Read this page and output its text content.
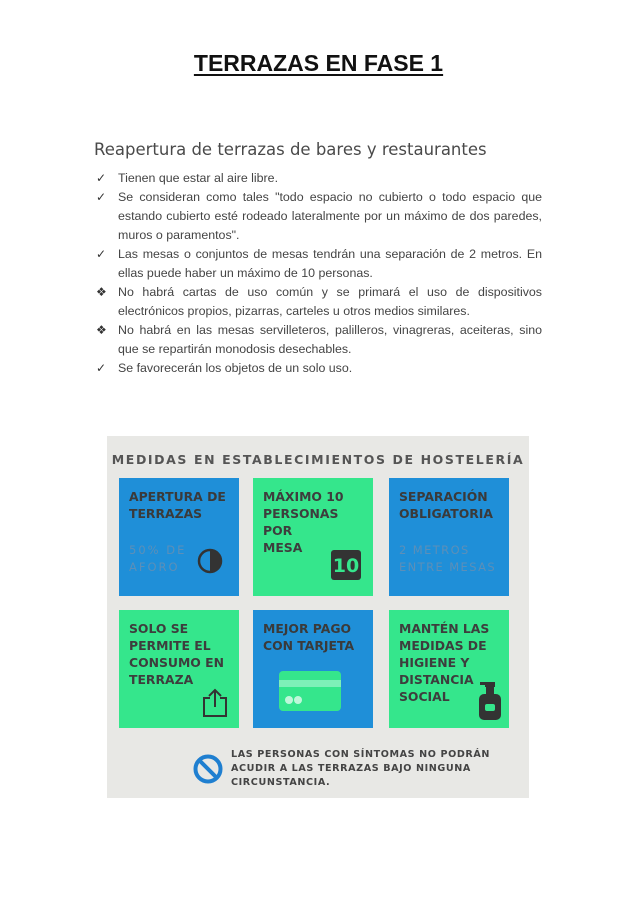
TERRAZAS EN FASE 1
Reapertura de terrazas de bares y restaurantes
✓ Tienen que estar al aire libre.
✓ Se consideran como tales "todo espacio no cubierto o todo espacio que estando cubierto esté rodeado lateralmente por un máximo de dos paredes, muros o paramentos".
✓ Las mesas o conjuntos de mesas tendrán una separación de 2 metros. En ellas puede haber un máximo de 10 personas.
❖ No habrá cartas de uso común y se primará el uso de dispositivos electrónicos propios, pizarras, carteles u otros medios similares.
❖ No habrá en las mesas servilleteros, palilleros, vinagreras, aceiteras, sino que se repartirán monodosis desechables.
✓ Se favorecerán los objetos de un solo uso.
MEDIDAS EN ESTABLECIMIENTOS DE HOSTELERÍA
APERTURA DE
TERRAZAS
50% DE
AFORO
MÁXIMO 10
PERSONAS
POR
MESA
10
SEPARACIÓN
OBLIGATORIA
2 METROS
ENTRE MESAS
SOLO SE
PERMITE EL
CONSUMO EN
TERRAZA
MEJOR PAGO
CON TARJETA
MANTÉN LAS
MEDIDAS DE
HIGIENE Y
DISTANCIA
SOCIAL
LAS PERSONAS CON SÍNTOMAS NO PODRÁN ACUDIR A LAS TERRAZAS BAJO NINGUNA CIRCUNSTANCIA.
